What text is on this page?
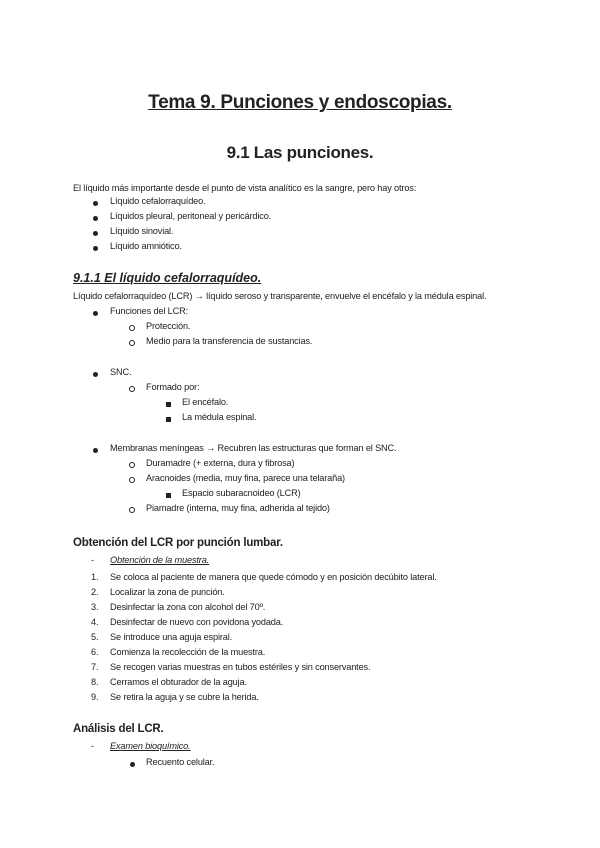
Tema 9. Punciones y endoscopias.
9.1 Las punciones.
El líquido más importante desde el punto de vista analítico es la sangre, pero hay otros:
Líquido cefalorraquídeo.
Líquidos pleural, peritoneal y pericárdico.
Líquido sinovial.
Líquido amniótico.
9.1.1 El líquido cefalorraquídeo.
Líquido cefalorraquídeo (LCR) → líquido seroso y transparente, envuelve el encéfalo y la médula espinal.
Funciones del LCR:
Protección.
Medio para la transferencia de sustancias.
SNC.
Formado por:
El encéfalo.
La médula espinal.
Membranas meníngeas → Recubren las estructuras que forman el SNC.
Duramadre (+ externa, dura y fibrosa)
Aracnoides (media, muy fina, parece una telaraña)
Espacio subaracnoideo (LCR)
Piamadre (interna, muy fina, adherida al tejido)
Obtención del LCR por punción lumbar.
- Obtención de la muestra.
1. Se coloca al paciente de manera que quede cómodo y en posición decúbito lateral.
2. Localizar la zona de punción.
3. Desinfectar la zona con alcohol del 70º.
4. Desinfectar de nuevo con povidona yodada.
5. Se introduce una aguja espiral.
6. Comienza la recolección de la muestra.
7. Se recogen varias muestras en tubos estériles y sin conservantes.
8. Cerramos el obturador de la aguja.
9. Se retira la aguja y se cubre la herida.
Análisis del LCR.
- Examen bioquímico.
Recuento celular.
